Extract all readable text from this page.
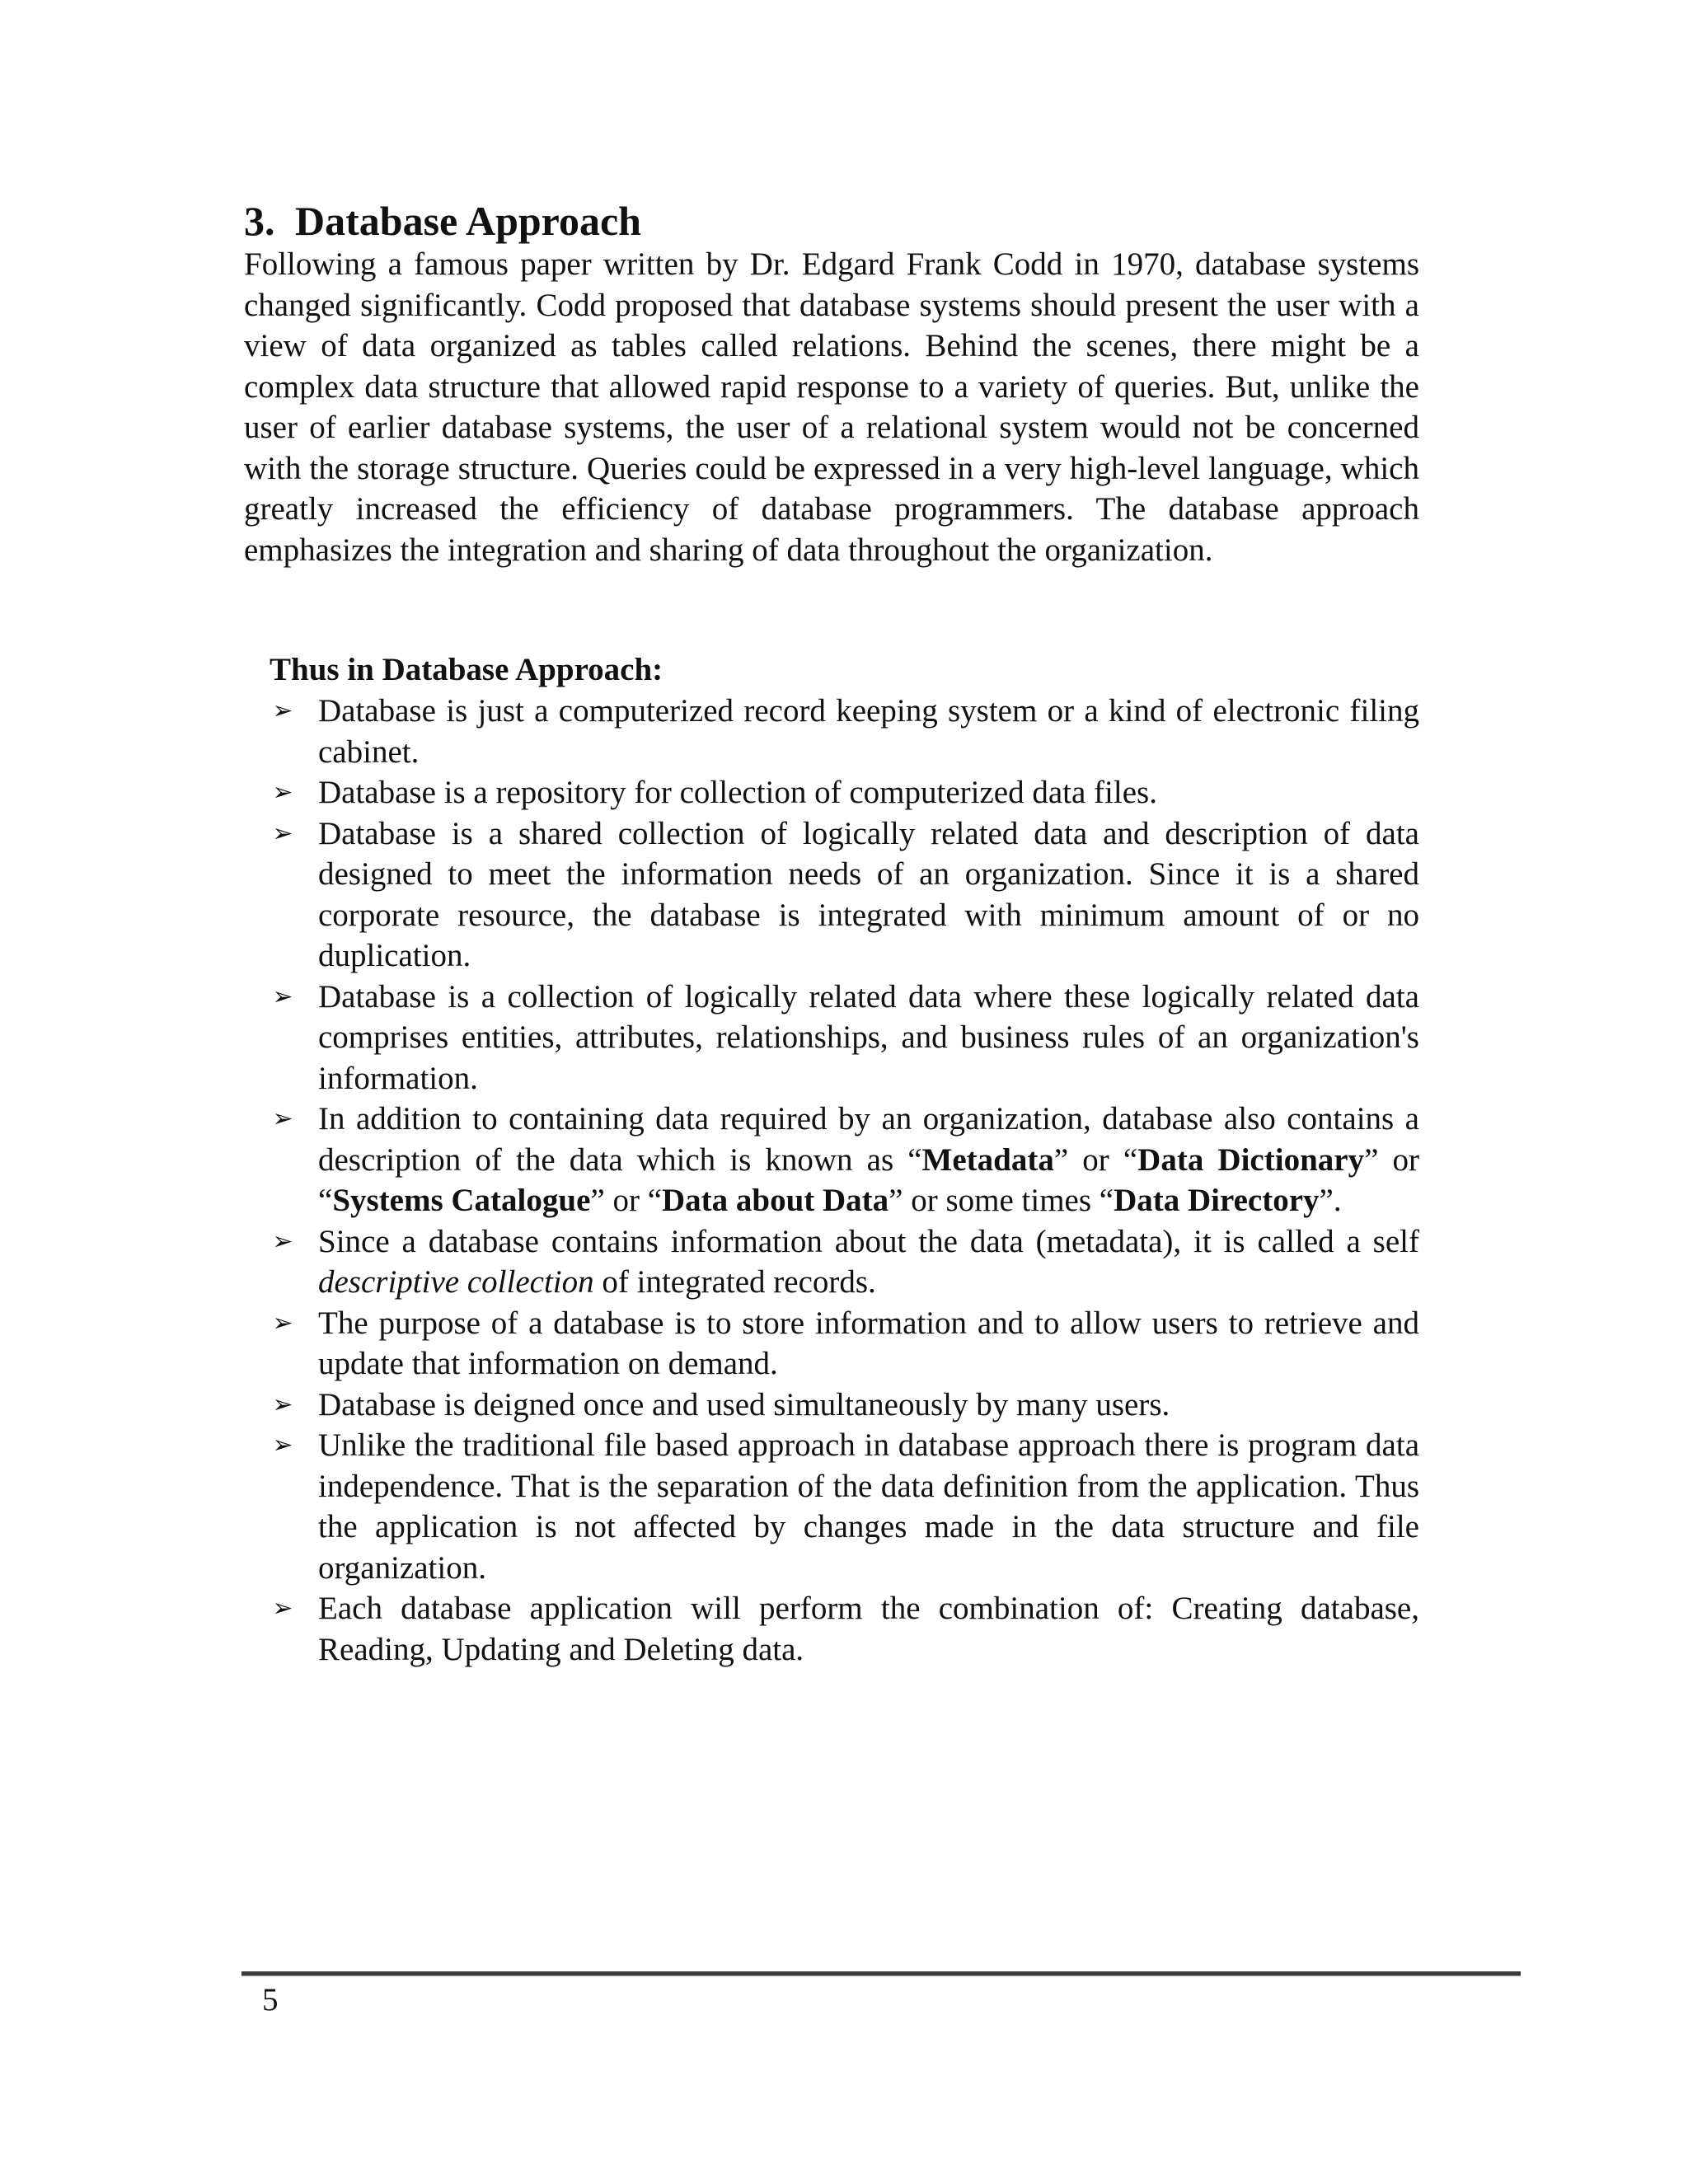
3. Database Approach

Following a famous paper written by Dr. Edgard Frank Codd in 1970, database systems changed significantly. Codd proposed that database systems should present the user with a view of data organized as tables called relations. Behind the scenes, there might be a complex data structure that allowed rapid response to a variety of queries. But, unlike the user of earlier database systems, the user of a relational system would not be concerned with the storage structure. Queries could be expressed in a very high-level language, which greatly increased the efficiency of database programmers. The database approach emphasizes the integration and sharing of data throughout the organization.

Thus in Database Approach:

➢ Database is just a computerized record keeping system or a kind of electronic filing cabinet.
➢ Database is a repository for collection of computerized data files.
➢ Database is a shared collection of logically related data and description of data designed to meet the information needs of an organization. Since it is a shared corporate resource, the database is integrated with minimum amount of or no duplication.
➢ Database is a collection of logically related data where these logically related data comprises entities, attributes, relationships, and business rules of an organization's information.
➢ In addition to containing data required by an organization, database also contains a description of the data which is known as “Metadata” or “Data Dictionary” or “Systems Catalogue” or “Data about Data” or some times “Data Directory”.
➢ Since a database contains information about the data (metadata), it is called a self descriptive collection of integrated records.
➢ The purpose of a database is to store information and to allow users to retrieve and update that information on demand.
➢ Database is deigned once and used simultaneously by many users.
➢ Unlike the traditional file based approach in database approach there is program data independence. That is the separation of the data definition from the application. Thus the application is not affected by changes made in the data structure and file organization.
➢ Each database application will perform the combination of: Creating database, Reading, Updating and Deleting data.
5
